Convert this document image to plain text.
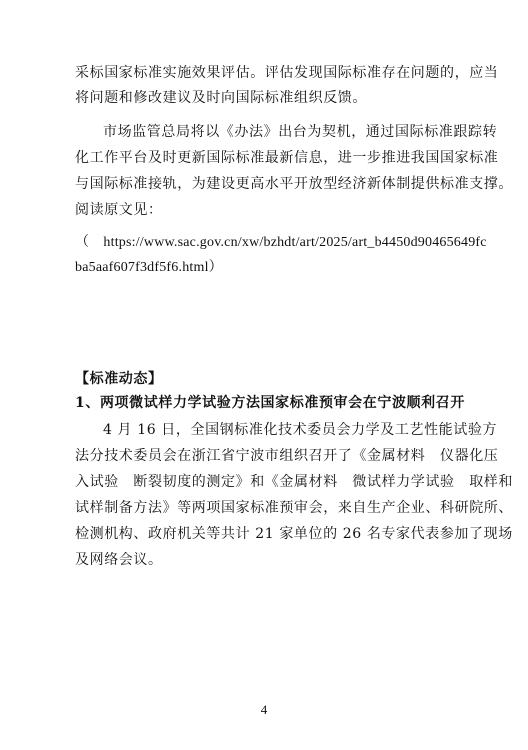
采标国家标准实施效果评估。评估发现国际标准存在问题的，应当
将问题和修改建议及时向国际标准组织反馈。
市场监管总局将以《办法》出台为契机，通过国际标准跟踪转
化工作平台及时更新国际标准最新信息，进一步推进我国国家标准
与国际标准接轨，为建设更高水平开放型经济新体制提供标准支撑。
阅读原文见：
（　https://www.sac.gov.cn/xw/bzhdt/art/2025/art_b4450d90465649fc
ba5aaf607f3df5f6.html）
【标准动态】
1、两项微试样力学试验方法国家标准预审会在宁波顺利召开
4 月 16 日，全国钢标准化技术委员会力学及工艺性能试验方
法分技术委员会在浙江省宁波市组织召开了《金属材料　仪器化压
入试验　断裂韧度的测定》和《金属材料　微试样力学试验　取样和
试样制备方法》等两项国家标准预审会，来自生产企业、科研院所、
检测机构、政府机关等共计 21 家单位的 26 名专家代表参加了现场
及网络会议。
4
